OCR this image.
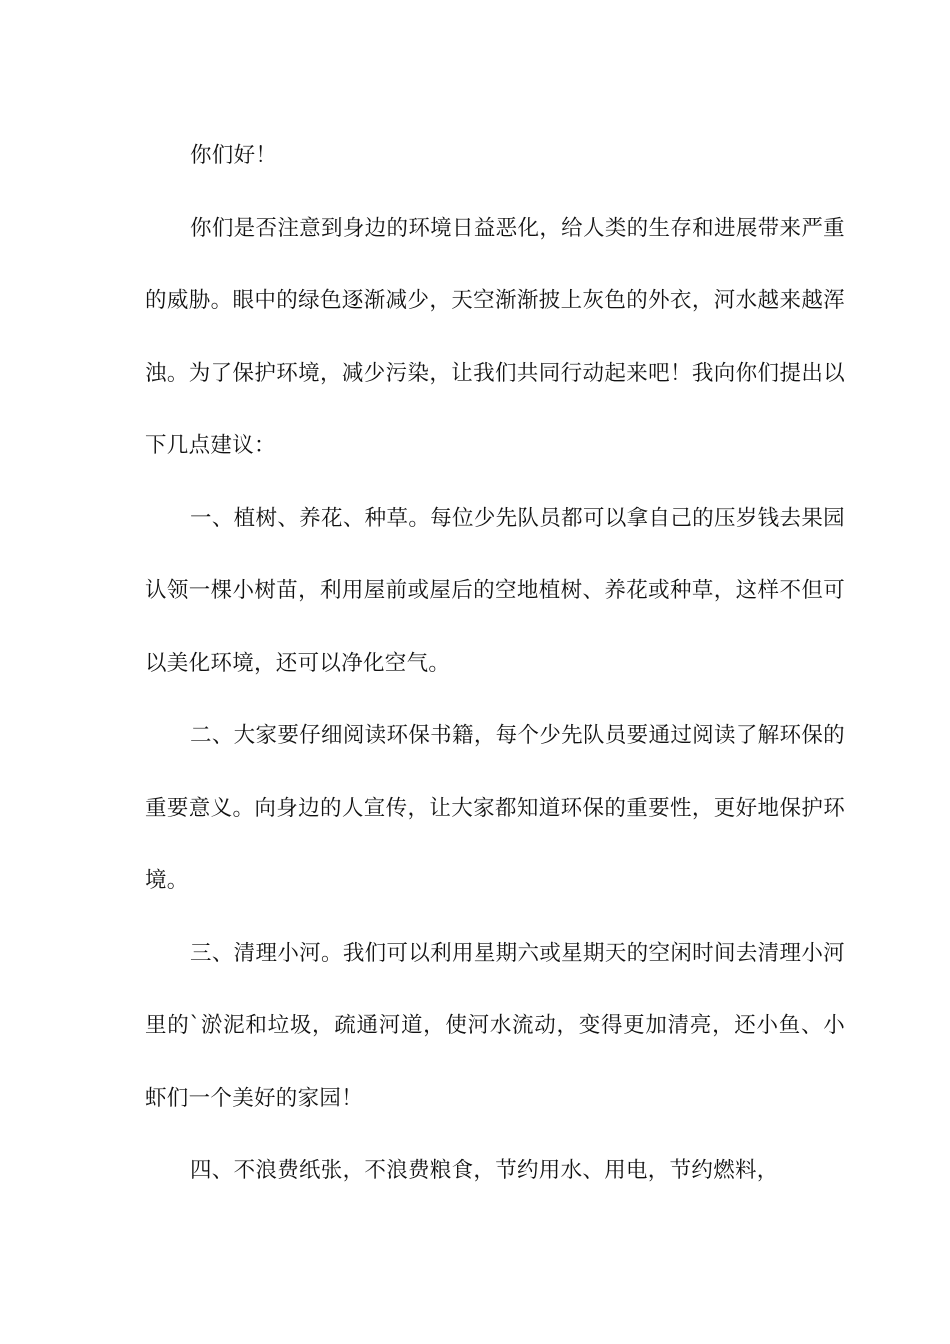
你们好！

你们是否注意到身边的环境日益恶化，给人类的生存和进展带来严重的威胁。眼中的绿色逐渐减少，天空渐渐披上灰色的外衣，河水越来越浑浊。为了保护环境，减少污染，让我们共同行动起来吧！我向你们提出以下几点建议：

一、植树、养花、种草。每位少先队员都可以拿自己的压岁钱去果园认领一棵小树苗，利用屋前或屋后的空地植树、养花或种草，这样不但可以美化环境，还可以净化空气。

二、大家要仔细阅读环保书籍，每个少先队员要通过阅读了解环保的重要意义。向身边的人宣传，让大家都知道环保的重要性，更好地保护环境。

三、清理小河。我们可以利用星期六或星期天的空闲时间去清理小河里的`淤泥和垃圾，疏通河道，使河水流动，变得更加清亮，还小鱼、小虾们一个美好的家园！

四、不浪费纸张，不浪费粮食，节约用水、用电，节约燃料，
